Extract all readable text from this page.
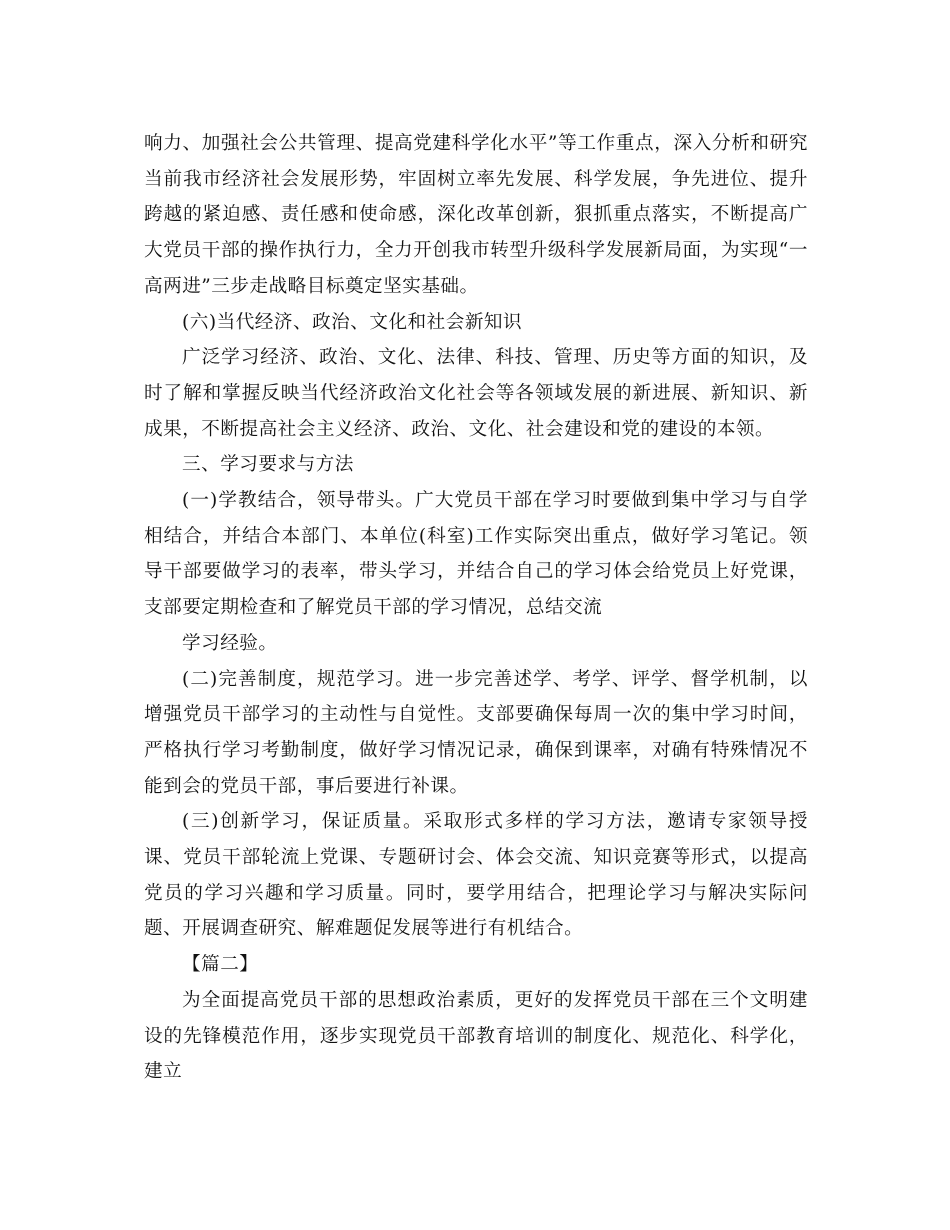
响力、加强社会公共管理、提高党建科学化水平”等工作重点，深入分析和研究当前我市经济社会发展形势，牢固树立率先发展、科学发展，争先进位、提升跨越的紧迫感、责任感和使命感，深化改革创新，狠抓重点落实，不断提高广大党员干部的操作执行力，全力开创我市转型升级科学发展新局面，为实现“一高两进”三步走战略目标奠定坚实基础。

(六)当代经济、政治、文化和社会新知识

广泛学习经济、政治、文化、法律、科技、管理、历史等方面的知识，及时了解和掌握反映当代经济政治文化社会等各领域发展的新进展、新知识、新成果，不断提高社会主义经济、政治、文化、社会建设和党的建设的本领。

三、学习要求与方法

(一)学教结合，领导带头。广大党员干部在学习时要做到集中学习与自学相结合，并结合本部门、本单位(科室)工作实际突出重点，做好学习笔记。领导干部要做学习的表率，带头学习，并结合自己的学习体会给党员上好党课，支部要定期检查和了解党员干部的学习情况，总结交流

学习经验。

(二)完善制度，规范学习。进一步完善述学、考学、评学、督学机制，以增强党员干部学习的主动性与自觉性。支部要确保每周一次的集中学习时间，严格执行学习考勤制度，做好学习情况记录，确保到课率，对确有特殊情况不能到会的党员干部，事后要进行补课。

(三)创新学习，保证质量。采取形式多样的学习方法，邀请专家领导授课、党员干部轮流上党课、专题研讨会、体会交流、知识竞赛等形式，以提高党员的学习兴趣和学习质量。同时，要学用结合，把理论学习与解决实际问题、开展调查研究、解难题促发展等进行有机结合。

【篇二】

为全面提高党员干部的思想政治素质，更好的发挥党员干部在三个文明建设的先锋模范作用，逐步实现党员干部教育培训的制度化、规范化、科学化，建立
